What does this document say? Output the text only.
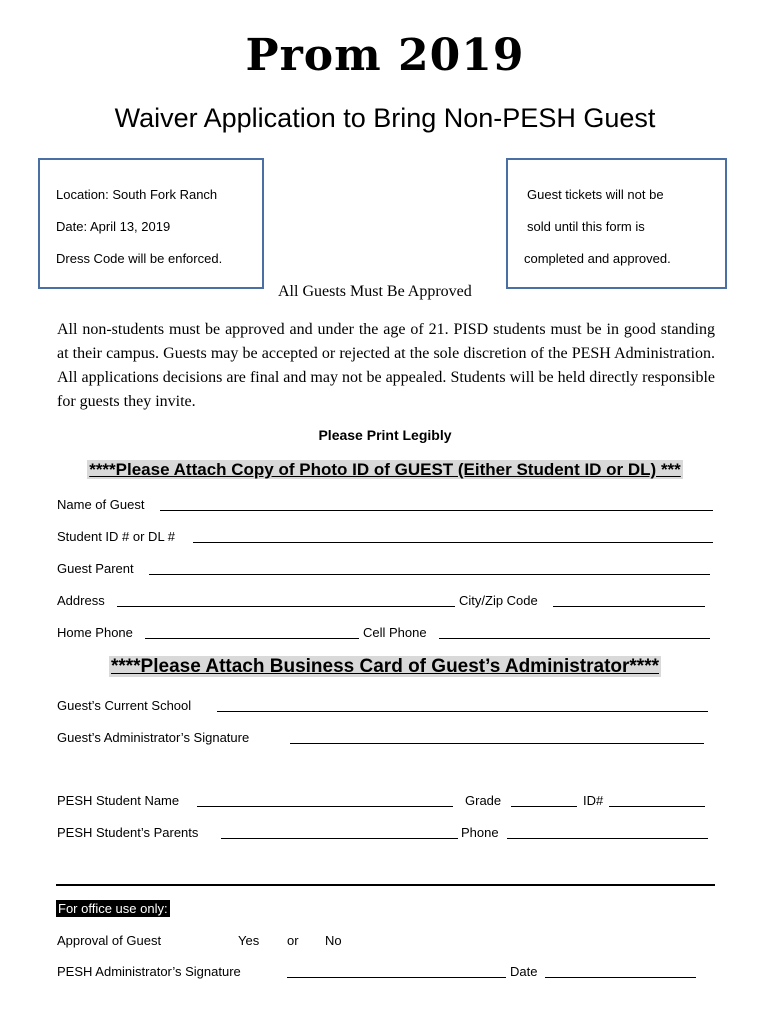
Prom 2019
Waiver Application to Bring Non-PESH Guest
Location: South Fork Ranch
Date: April 13, 2019
Dress Code will be enforced.
Guest tickets will not be
sold until this form is
completed and approved.
All Guests Must Be Approved
All non-students must be approved and under the age of 21. PISD students must be in good standing at their campus. Guests may be accepted or rejected at the sole discretion of the PESH Administration. All applications decisions are final and may not be appealed. Students will be held directly responsible for guests they invite.
Please Print Legibly
****Please Attach Copy of Photo ID of GUEST (Either Student ID or DL) ***
Name of Guest
Student ID # or DL #
Guest Parent
Address	City/Zip Code
Home Phone	Cell Phone
****Please Attach Business Card of Guest’s Administrator****
Guest’s Current School
Guest’s Administrator’s Signature
PESH Student Name	Grade	ID#
PESH Student’s Parents	Phone
For office use only:
Approval of Guest	Yes or No
PESH Administrator’s Signature	Date
